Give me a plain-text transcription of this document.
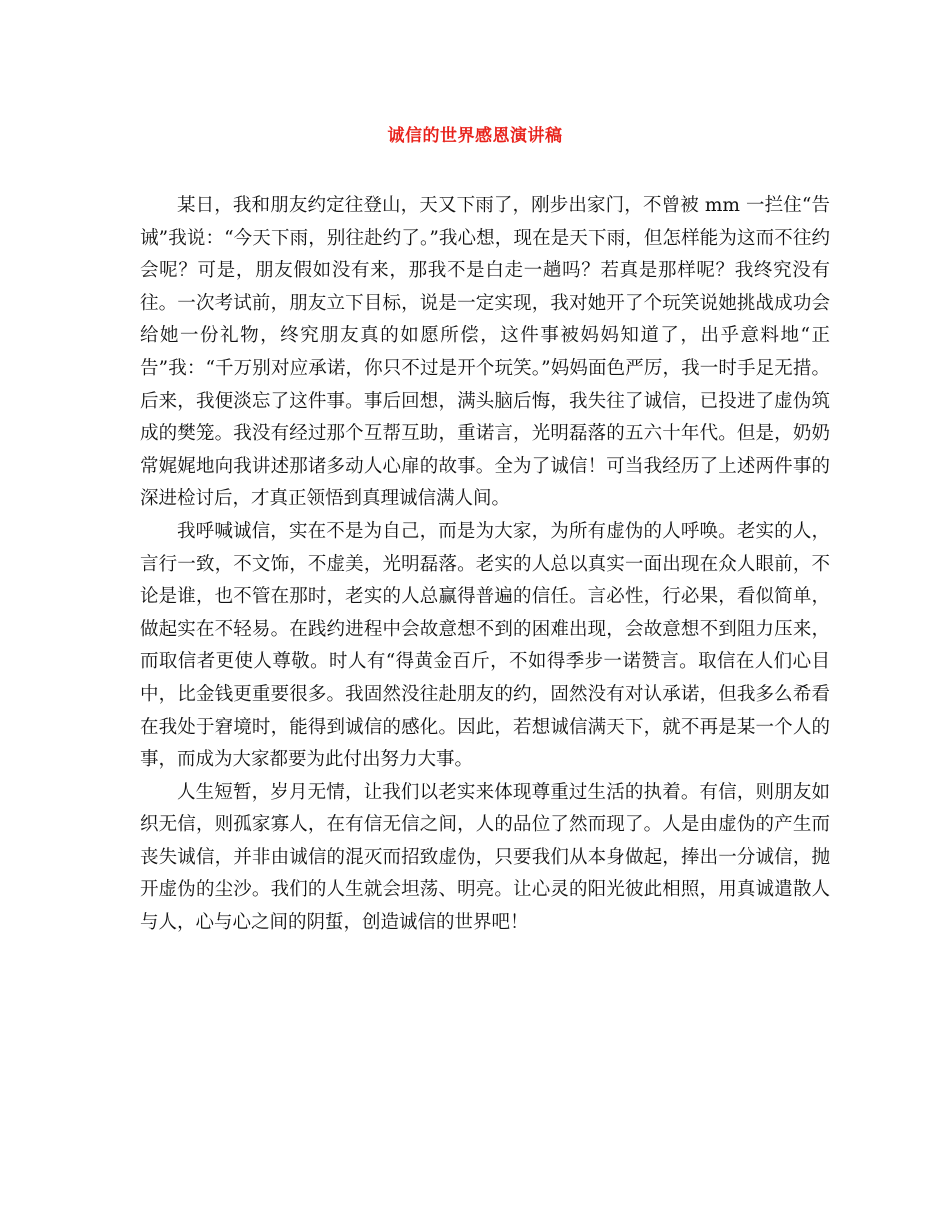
诚信的世界感恩演讲稿

某日，我和朋友约定往登山，天又下雨了，刚步出家门，不曾被 mm 一拦住“告诫”我说：“今天下雨，别往赴约了。”我心想，现在是天下雨，但怎样能为这而不往约会呢？可是，朋友假如没有来，那我不是白走一趟吗？若真是那样呢？我终究没有往。一次考试前，朋友立下目标，说是一定实现，我对她开了个玩笑说她挑战成功会给她一份礼物，终究朋友真的如愿所偿，这件事被妈妈知道了，出乎意料地“正告”我：“千万别对应承诺，你只不过是开个玩笑。”妈妈面色严厉，我一时手足无措。后来，我便淡忘了这件事。事后回想，满头脑后悔，我失往了诚信，已投进了虚伪筑成的樊笼。我没有经过那个互帮互助，重诺言，光明磊落的五六十年代。但是，奶奶常娓娓地向我讲述那诸多动人心扉的故事。全为了诚信！可当我经历了上述两件事的深进检讨后，才真正领悟到真理诚信满人间。

我呼喊诚信，实在不是为自己，而是为大家，为所有虚伪的人呼唤。老实的人，言行一致，不文饰，不虚美，光明磊落。老实的人总以真实一面出现在众人眼前，不论是谁，也不管在那时，老实的人总赢得普遍的信任。言必性，行必果，看似简单，做起实在不轻易。在践约进程中会故意想不到的困难出现，会故意想不到阻力压来，而取信者更使人尊敬。时人有“得黄金百斤，不如得季步一诺赞言。取信在人们心目中，比金钱更重要很多。我固然没往赴朋友的约，固然没有对认承诺，但我多么希看在我处于窘境时，能得到诚信的感化。因此，若想诚信满天下，就不再是某一个人的事，而成为大家都要为此付出努力大事。

人生短暂，岁月无情，让我们以老实来体现尊重过生活的执着。有信，则朋友如织无信，则孤家寡人，在有信无信之间，人的品位了然而现了。人是由虚伪的产生而丧失诚信，并非由诚信的混灭而招致虚伪，只要我们从本身做起，捧出一分诚信，抛开虚伪的尘沙。我们的人生就会坦荡、明亮。让心灵的阳光彼此相照，用真诚遣散人与人，心与心之间的阴蜇，创造诚信的世界吧！
